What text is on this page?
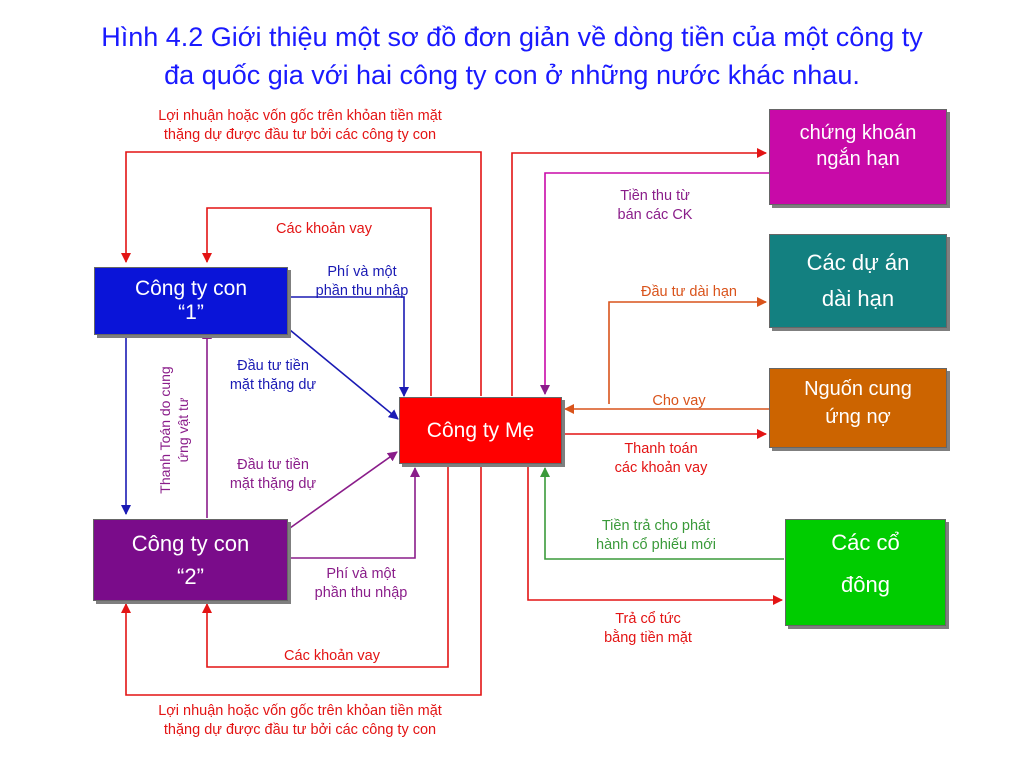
Hình 4.2 Giới thiệu một sơ đồ đơn giản về dòng tiền của một công ty
đa quốc gia với hai công ty con ở những nước khác nhau.
Công ty con
“1”
Công ty con
“2”
Công ty Mẹ
chứng khoán
ngắn hạn
Các dự án
dài hạn
Nguốn cung
ứng nợ
Các cổ
đông
Lợi nhuận hoặc vốn gốc trên khỏan tiền mặt
thặng dự được đầu tư bởi các công ty con
Các khoản vay
Phí và một
phần thu nhập
Đầu tư tiền
mặt thặng dự
Thanh Toán do cung ứng vật tư
Đầu tư tiền
mặt thặng dự
Phí và một
phần thu nhập
Các khoản vay
Lợi nhuận hoặc vốn gốc trên khỏan tiền mặt
thặng dự được đầu tư bởi các công ty con
Tiền thu từ
bán các CK
Đầu tư dài hạn
Cho vay
Thanh toán
các khoản vay
Tiền trả cho phát
hành cổ phiếu mới
Trả cổ tức
bằng tiền mặt
